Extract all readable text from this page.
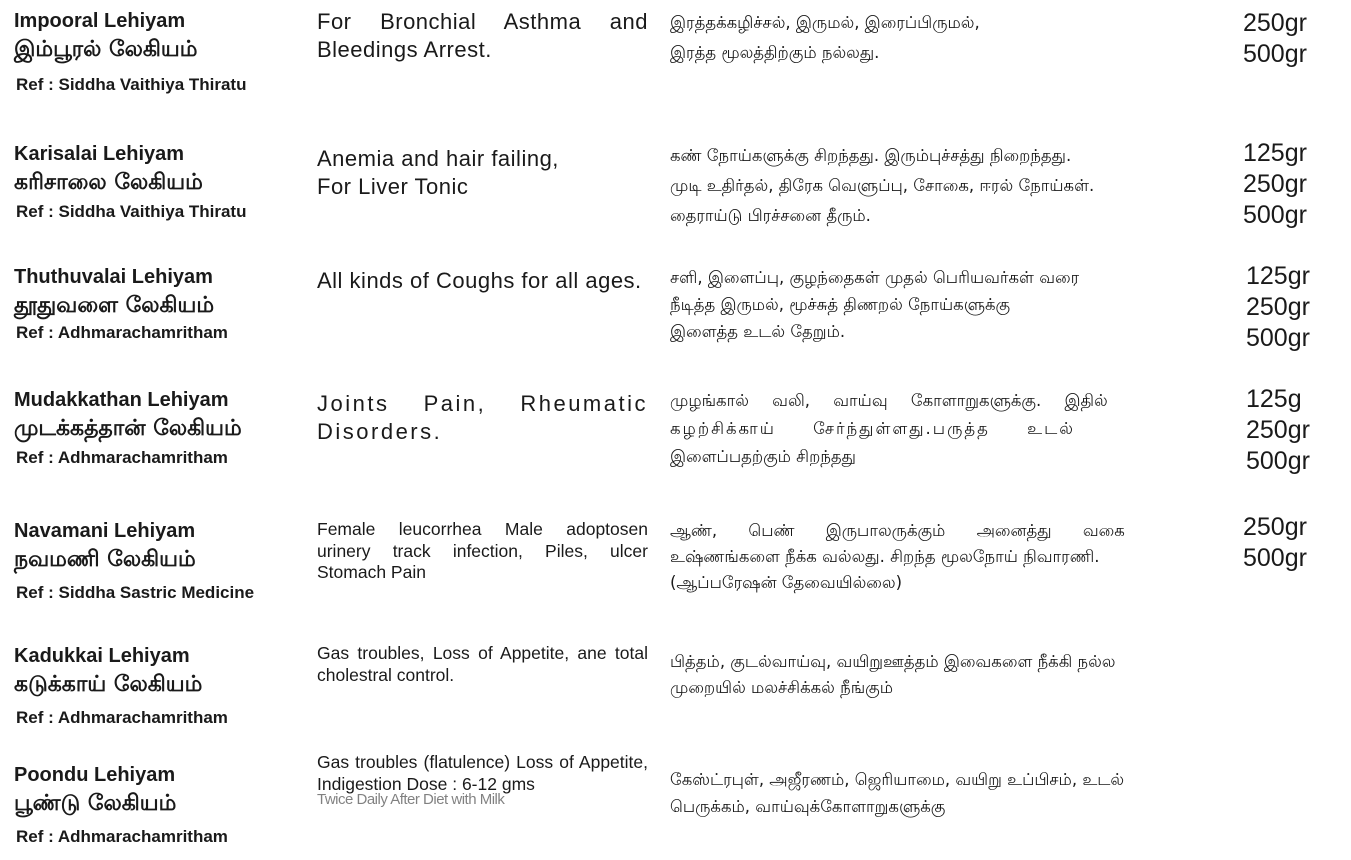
Impooral Lehiyam
இம்பூரல் லேகியம்
Ref : Siddha Vaithiya Thiratu
For Bronchial Asthma and Bleedings Arrest.
இரத்தக்கழிச்சல், இருமல், இரைப்பிருமல்,
இரத்த மூலத்திற்கும் நல்லது.
250gr
500gr
Karisalai Lehiyam
கரிசாலை லேகியம்
Ref : Siddha Vaithiya Thiratu
Anemia and hair failing,
For Liver Tonic
கண் நோய்களுக்கு சிறந்தது. இரும்புச்சத்து நிறைந்தது.
முடி உதிர்தல், திரேக வெளுப்பு, சோகை, ஈரல் நோய்கள்.
தைராய்டு பிரச்சனை தீரும்.
125gr
250gr
500gr
Thuthuvalai Lehiyam
தூதுவளை லேகியம்
Ref : Adhmarachamritham
All kinds of Coughs for all ages.	சளி, இளைப்பு, குழந்தைகள் முதல் பெரியவர்கள் வரை
நீடித்த இருமல், மூச்சுத் திணறல் நோய்களுக்கு
இளைத்த உடல் தேறும்.
125gr
250gr
500gr
Mudakkathan Lehiyam
முடக்கத்தான் லேகியம்
Ref : Adhmarachamritham
Joints Pain, Rheumatic Disorders.
முழங்கால் வலி, வாய்வு கோளாறுகளுக்கு. இதில்
கழற்சிக்காய் சேர்ந்துள்ளது.பருத்த உடல்
இளைப்பதற்கும் சிறந்தது
125g
250gr
500gr
Navamani Lehiyam
நவமணி லேகியம்
Ref : Siddha Sastric Medicine
Female leucorrhea Male adoptosen urinery track infection, Piles, ulcer Stomach Pain
ஆண், பெண் இருபாலருக்கும் அனைத்து வகை
உஷ்ணங்களை நீக்க வல்லது. சிறந்த மூலநோய் நிவாரணி.
(ஆப்பரேஷன் தேவையில்லை)
250gr
500gr
Kadukkai Lehiyam
கடுக்காய் லேகியம்
Ref : Adhmarachamritham
Gas troubles, Loss of Appetite, ane total cholestral control.
பித்தம், குடல்வாய்வு, வயிறுஊத்தம் இவைகளை நீக்கி நல்ல
முறையில் மலச்சிக்கல் நீங்கும்
Poondu Lehiyam
பூண்டு லேகியம்
Ref : Adhmarachamritham
Gas troubles (flatulence) Loss of Appetite, Indigestion Dose : 6-12 gms
Twice Daily After Diet with Milk
கேஸ்ட்ரபுள், அஜீரணம், ஜெரியாமை, வயிறு உப்பிசம், உடல்
பெருக்கம், வாய்வுக்கோளாறுகளுக்கு
